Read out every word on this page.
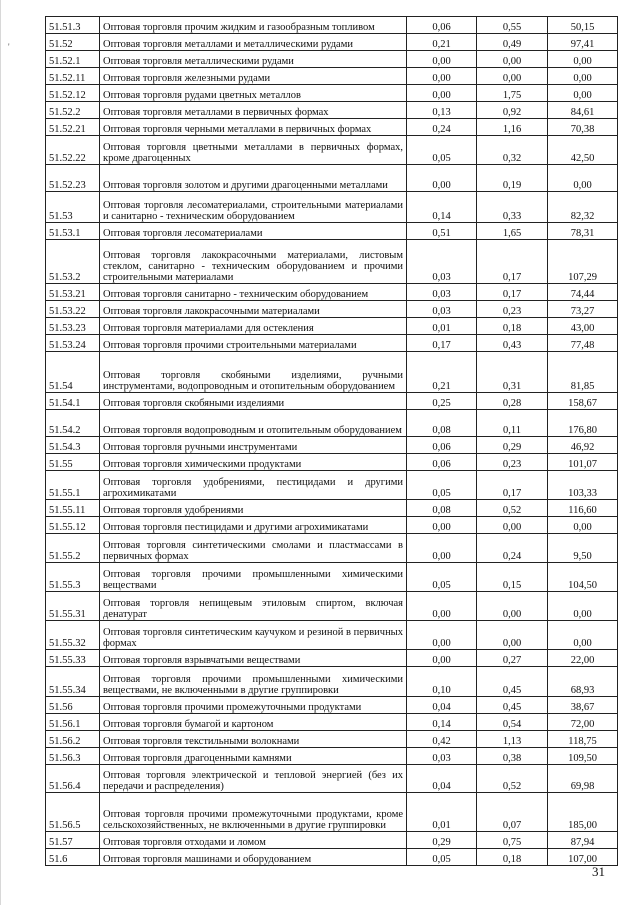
'
51.51.3	Оптовая торговля прочим жидким и газообразным топливом	0,06	0,55	50,15
51.52	Оптовая торговля металлами и металлическими рудами	0,21	0,49	97,41
51.52.1	Оптовая торговля металлическими рудами	0,00	0,00	0,00
51.52.11	Оптовая торговля железными рудами	0,00	0,00	0,00
51.52.12	Оптовая торговля рудами цветных металлов	0,00	1,75	0,00
51.52.2	Оптовая торговля металлами в первичных формах	0,13	0,92	84,61
51.52.21	Оптовая торговля черными металлами в первичных формах	0,24	1,16	70,38
51.52.22	Оптовая торговля цветными металлами в первичных формах, кроме драгоценных	0,05	0,32	42,50
51.52.23	Оптовая торговля золотом и другими драгоценными металлами	0,00	0,19	0,00
51.53	Оптовая торговля лесоматериалами, строительными материалами и санитарно - техническим оборудованием	0,14	0,33	82,32
51.53.1	Оптовая торговля лесоматериалами	0,51	1,65	78,31
51.53.2	Оптовая торговля лакокрасочными материалами, листовым стеклом, санитарно - техническим оборудованием и прочими строительными материалами	0,03	0,17	107,29
51.53.21	Оптовая торговля санитарно - техническим оборудованием	0,03	0,17	74,44
51.53.22	Оптовая торговля лакокрасочными материалами	0,03	0,23	73,27
51.53.23	Оптовая торговля материалами для остекления	0,01	0,18	43,00
51.53.24	Оптовая торговля прочими строительными материалами	0,17	0,43	77,48
51.54	Оптовая торговля скобяными изделиями, ручными инструментами, водопроводным и отопительным оборудованием	0,21	0,31	81,85
51.54.1	Оптовая торговля скобяными изделиями	0,25	0,28	158,67
51.54.2	Оптовая торговля водопроводным и отопительным оборудованием	0,08	0,11	176,80
51.54.3	Оптовая торговля ручными инструментами	0,06	0,29	46,92
51.55	Оптовая торговля химическими продуктами	0,06	0,23	101,07
51.55.1	Оптовая торговля удобрениями, пестицидами и другими агрохимикатами	0,05	0,17	103,33
51.55.11	Оптовая торговля удобрениями	0,08	0,52	116,60
51.55.12	Оптовая торговля пестицидами и другими агрохимикатами	0,00	0,00	0,00
51.55.2	Оптовая торговля синтетическими смолами и пластмассами в первичных формах	0,00	0,24	9,50
51.55.3	Оптовая торговля прочими промышленными химическими веществами	0,05	0,15	104,50
51.55.31	Оптовая торговля непищевым этиловым спиртом, включая денатурат	0,00	0,00	0,00
51.55.32	Оптовая торговля синтетическим каучуком и резиной в первичных формах	0,00	0,00	0,00
51.55.33	Оптовая торговля взрывчатыми веществами	0,00	0,27	22,00
51.55.34	Оптовая торговля прочими промышленными химическими веществами, не включенными в другие группировки	0,10	0,45	68,93
51.56	Оптовая торговля прочими промежуточными продуктами	0,04	0,45	38,67
51.56.1	Оптовая торговля бумагой и картоном	0,14	0,54	72,00
51.56.2	Оптовая торговля текстильными волокнами	0,42	1,13	118,75
51.56.3	Оптовая торговля драгоценными камнями	0,03	0,38	109,50
51.56.4	Оптовая торговля электрической и тепловой энергией (без их передачи и распределения)	0,04	0,52	69,98
51.56.5	Оптовая торговля прочими промежуточными продуктами, кроме сельскохозяйственных, не включенными в другие группировки	0,01	0,07	185,00
51.57	Оптовая торговля отходами и ломом	0,29	0,75	87,94
51.6	Оптовая торговля машинами и оборудованием	0,05	0,18	107,00
31
